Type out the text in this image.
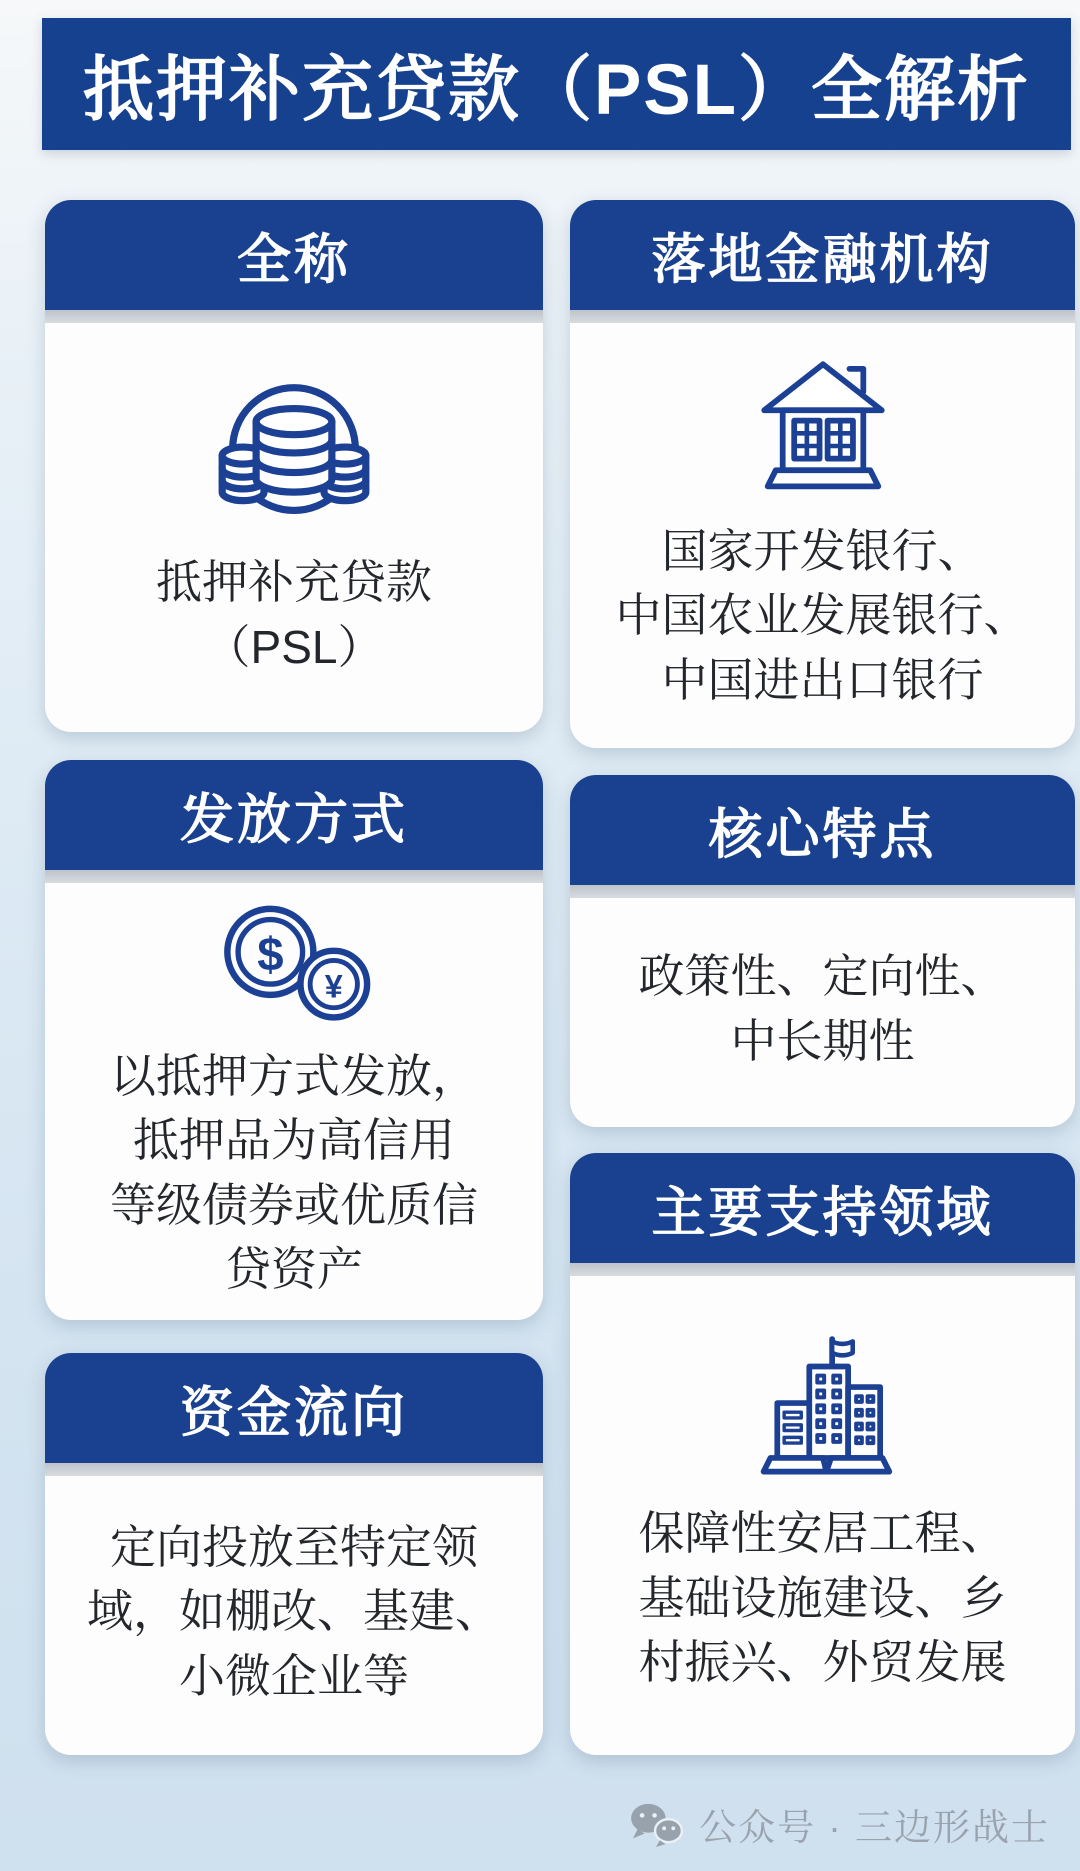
抵押补充贷款（PSL）全解析
全称
抵押补充贷款
（PSL）
发放方式
$
¥
以抵押方式发放，
抵押品为高信用
等级债券或优质信
贷资产
资金流向
定向投放至特定领
域，如棚改、基建、
小微企业等
落地金融机构
国家开发银行、
中国农业发展银行、
中国进出口银行
核心特点
政策性、定向性、
中长期性
主要支持领域
保障性安居工程、
基础设施建设、乡
村振兴、外贸发展
公众号 · 三边形战士
